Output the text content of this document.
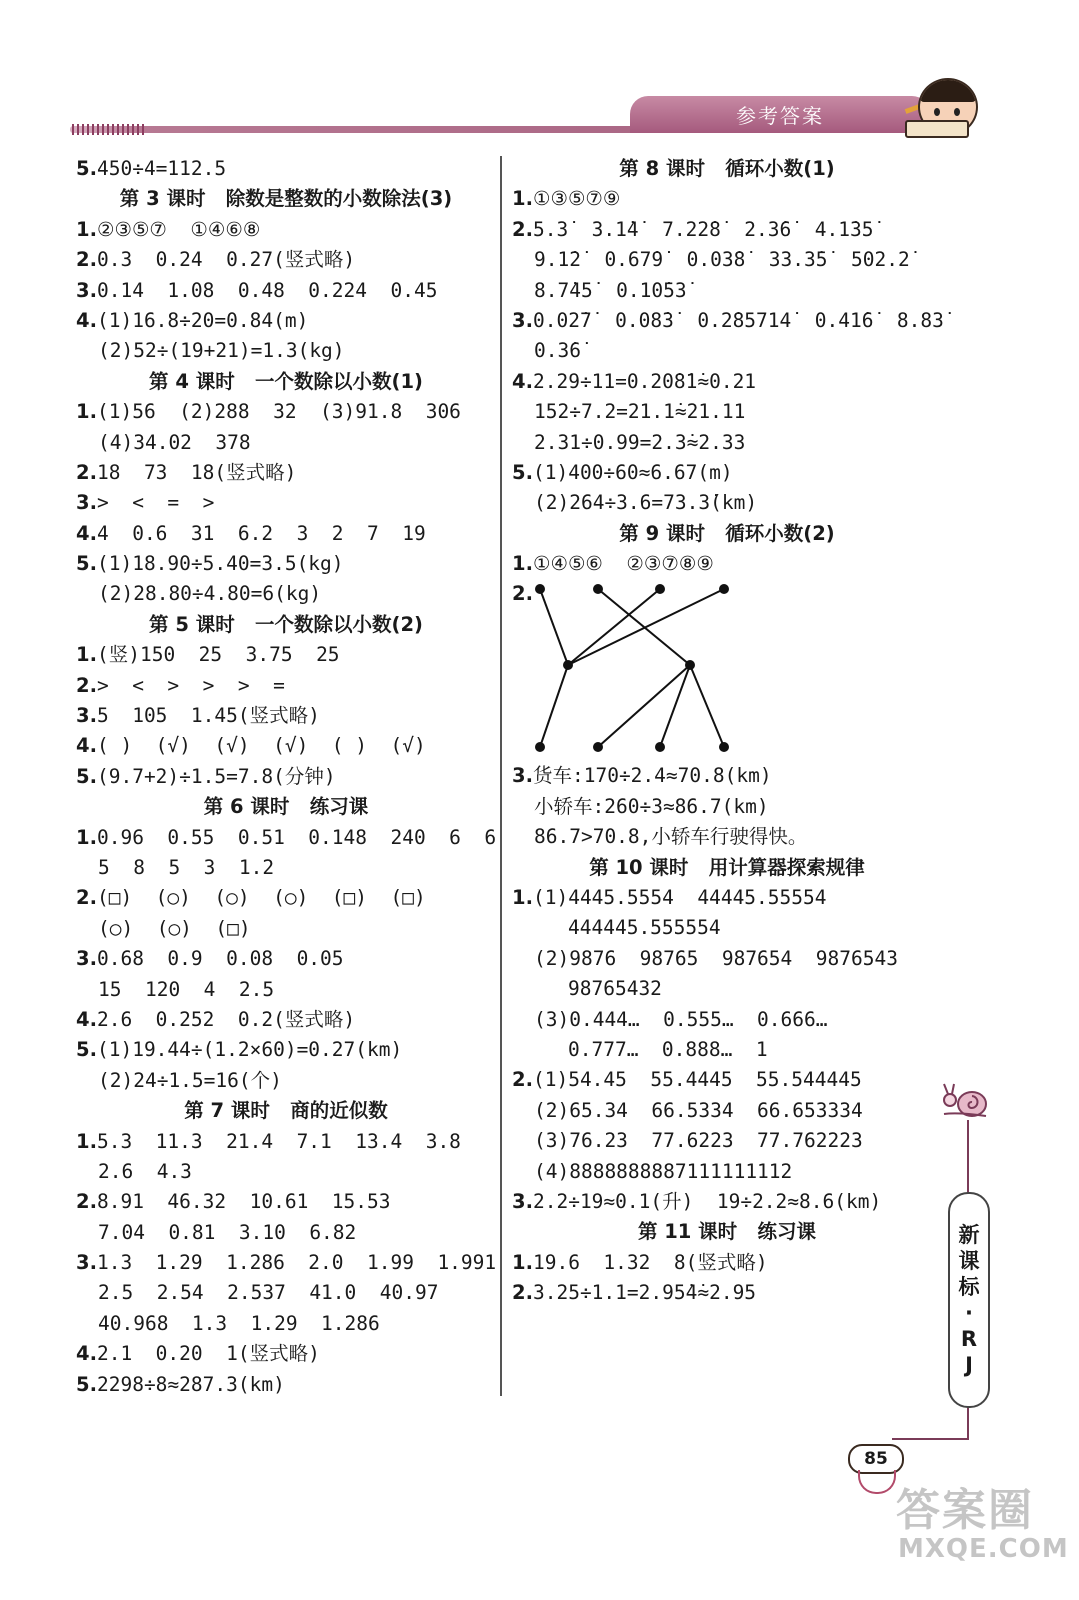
参考答案
5.450÷4=112.5
第 3 课时   除数是整数的小数除法(3)
1.②③⑤⑦  ①④⑥⑧
2.0.3  0.24  0.27(竖式略)
3.0.14  1.08  0.48  0.224  0.45
4.(1)16.8÷20=0.84(m)
(2)52÷(19+21)=1.3(kg)
第 4 课时   一个数除以小数(1)
1.(1)56  (2)288  32  (3)91.8  306
(4)34.02  378
2.18  73  18(竖式略)
3.>  <  =  >
4.4  0.6  31  6.2  3  2  7  19
5.(1)18.90÷5.40=3.5(kg)
(2)28.80÷4.80=6(kg)
第 5 课时   一个数除以小数(2)
1.(竖)150  25  3.75  25
2.>  <  >  >  >  =
3.5  105  1.45(竖式略)
4.( )  (√)  (√)  (√)  ( )  (√)
5.(9.7+2)÷1.5=7.8(分钟)
第 6 课时   练习课
1.0.96  0.55  0.51  0.148  240  6  6
5  8  5  3  1.2
2.(□)  (○)  (○)  (○)  (□)  (□)
(○)  (○)  (□)
3.0.68  0.9  0.08  0.05
15  120  4  2.5
4.2.6  0.252  0.2(竖式略)
5.(1)19.44÷(1.2×60)=0.27(km)
(2)24÷1.5=16(个)
第 7 课时   商的近似数
1.5.3  11.3  21.4  7.1  13.4  3.8
2.6  4.3
2.8.91  46.32  10.61  15.53
7.04  0.81  3.10  6.82
3.1.3  1.29  1.286  2.0  1.99  1.991
2.5  2.54  2.537  41.0  40.97
40.968  1.3  1.29  1.286
4.2.1  0.20  1(竖式略)
5.2298÷8≈287.3(km)
第 8 课时   循环小数(1)
1.①③⑤⑦⑨
2.5.3̇  3.1̇4̇  7.22̇8̇  2.3̇6̇  4.1̇35̇
9.1̇2̇  0.67̇9̇  0.03̇8̇  33.3̇5̇  502.2̇
8.7̇45̇  0.10̇53̇
3.0.02̇7̇  0.08̇3̇  0.2̇85714̇  0.41̇6̇  8.83̇
0.3̇6̇
4.2.29÷11=0.20̇8̇1̇≈0.21
152÷7.2=21.1̇≈21.11
2.31÷0.99=2.3̇≈2.33
5.(1)400÷60≈6.67(m)
(2)264÷3.6=73.3̇(km)
第 9 课时   循环小数(2)
1.①④⑤⑥  ②③⑦⑧⑨
2.
3.货车:170÷2.4≈70.8(km)
小轿车:260÷3≈86.7(km)
86.7>70.8,小轿车行驶得快。
第 10 课时   用计算器探索规律
1.(1)4445.5554  44445.55554
444445.555554
(2)9876  98765  987654  9876543
98765432
(3)0.444…  0.555…  0.666…
0.777…  0.888…  1
2.(1)54.45  55.4445  55.544445
(2)65.34  66.5334  66.653334
(3)76.23  77.6223  77.762223
(4)8888888887111111112
3.2.2÷19≈0.1(升)  19÷2.2≈8.6(km)
第 11 课时   练习课
1.19.6  1.32  8(竖式略)
2.3.25÷1.1=2.95̇4̇≈2.95
新
课
标
·
R
J
85
答案圈
MXQE.COM
